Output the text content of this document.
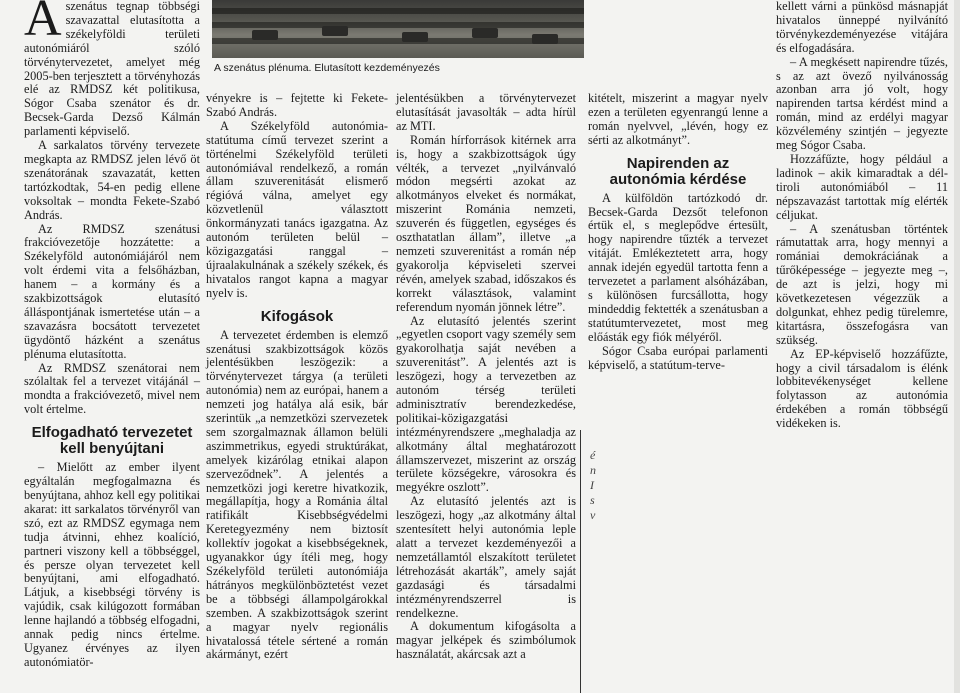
A szenátus plénuma. Elutasított kezdeményezés
A szenátus tegnap többségi szavazattal elutasította a székelyföldi területi autonómiáról szóló törvénytervezetet, amelyet még 2005-ben terjesztett a törvényhozás elé az RMDSZ két politikusa, Sógor Csaba szenátor és dr. Becsek-Garda Dezső Kálmán parlamenti képviselő.

A sarkalatos törvény tervezete megkapta az RMDSZ jelen lévő öt szenátorának szavazatát, ketten tartózkodtak, 54-en pedig ellene voksoltak – mondta Fekete-Szabó András.

Az RMDSZ szenátusi frakcióvezetője hozzátette: a Székelyföld autonómiájáról nem volt érdemi vita a felsőházban, hanem – a kormány és a szakbizottságok elutasító álláspontjának ismertetése után – a szavazásra bocsátott tervezetet ügydöntő házként a szenátus plénuma elutasította.

Az RMDSZ szenátorai nem szólaltak fel a tervezet vitájánál – mondta a frakcióvezető, mivel nem volt értelme.

Elfogadható tervezetet kell benyújtani

– Mielőtt az ember ilyent egyáltalán megfogalmazna és benyújtana, ahhoz kell egy politikai akarat: itt sarkalatos törvényről van szó, ezt az RMDSZ egymaga nem tudja átvinni, ehhez koalíció, partneri viszony kell a többséggel, és persze olyan tervezetet kell benyújtani, ami elfogadható. Látjuk, a kisebbségi törvény is vajúdik, csak kilúgozott formában lenne hajlandó a többség elfogadni, annak pedig nincs értelme. Ugyanez érvényes az ilyen autonómiatör-

vényekre is – fejtette ki Fekete-Szabó András.

A Székelyföld autonómia-statútuma című tervezet szerint a történelmi Székelyföld területi autonómiával rendelkező, a román állam szuverenitását elismerő régióvá válna, amelyet egy közvetlenül választott önkormányzati tanács igazgatna. Az autonóm területen belül – közigazgatási ranggal – újraalakulnának a székely székek, és hivatalos rangot kapna a magyar nyelv is.

Kifogások

A tervezetet érdemben is elemző szenátusi szakbizottságok közös jelentésükben leszögezik: a törvénytervezet tárgya (a területi autonómia) nem az európai, hanem a nemzeti jog hatálya alá esik, bár szerintük „a nemzetközi szervezetek sem szorgalmaznak államon belüli aszimmetrikus, egyedi struktúrákat, amelyek kizárólag etnikai alapon szerveződnek”. A jelentés a nemzetközi jogi keretre hivatkozik, megállapítja, hogy a Románia által ratifikált Kisebbségvédelmi Keretegyezmény nem biztosít kollektív jogokat a kisebbségeknek, ugyanakkor úgy ítéli meg, hogy Székelyföld területi autonómiája hátrányos megkülönböztetést vezet be a többségi állampolgárokkal szemben. A szakbizottságok szerint a magyar nyelv regionális hivatalossá tétele sértené a román akármányt, ezért

jelentésükben a törvénytervezet elutasítását javasolták – adta hírül az MTI.

Román hírforrások kitérnek arra is, hogy a szakbizottságok úgy vélték, a tervezet „nyilvánvaló módon megsérti azokat az alkotmányos elveket és normákat, miszerint Románia nemzeti, szuverén és független, egységes és oszthatatlan állam”, illetve „a nemzeti szuverenitást a román nép gyakorolja képviseleti szervei révén, amelyek szabad, időszakos és korrekt választások, valamint referendum nyomán jönnek létre”.

Az elutasító jelentés szerint „egyetlen csoport vagy személy sem gyakorolhatja saját nevében a szuverenitást”. A jelentés azt is leszögezi, hogy a tervezetben az autonóm térség területi adminisztratív berendezkedése, politikai-közigazgatási intézményrendszere „meghaladja az alkotmány által meghatározott államszervezet, miszerint az ország területe községekre, városokra és megyékre oszlott”.

Az elutasító jelentés azt is leszögezi, hogy „az alkotmány által szentesített helyi autonómia leple alatt a tervezet kezdeményezői a nemzetállamtól elszakított területet létrehozását akarták”, amely saját gazdasági és társadalmi intézményrendszerrel is rendelkezne.

A dokumentum kifogásolta a magyar jelképek és szimbólumok használatát, akárcsak azt a

kitételt, miszerint a magyar nyelv ezen a területen egyenrangú lenne a román nyelvvel, „lévén, hogy ez sérti az alkotmányt”.

Napirenden az autonómia kérdése

A külföldön tartózkodó dr. Becsek-Garda Dezsőt telefonon értük el, s meglepődve értesült, hogy napirendre tűzték a tervezet vitáját. Emlékeztetett arra, hogy annak idején egyedül tartotta fenn a tervezetet a parlament alsóházában, s különösen furcsállotta, hogy mindeddig fektették a szenátusban a statútumtervezetet, most meg előásták egy fiók mélyéről.

Sógor Csaba európai parlamenti képviselő, a statútum-terve-

é
n
I
s
v

kellett várni a pünkösd másnapját hivatalos ünneppé nyilvánító törvénykezdeményezése vitájára és elfogadására.

– A megkésett napirendre tűzés, s az azt övező nyilvánosság azonban arra jó volt, hogy napirenden tartsa kérdést mind a román, mind az erdélyi magyar közvélemény szintjén – jegyezte meg Sógor Csaba.

Hozzáfűzte, hogy például a ladinok – akik kimaradtak a dél-tiroli autonómiából – 11 népszavazást tartottak míg elérték céljukat.

– A szenátusban történtek rámutattak arra, hogy mennyi a romániai demokráciának a tűrőképessége – jegyezte meg –, de azt is jelzi, hogy mi következetesen végezzük a dolgunkat, ehhez pedig türelemre, kitartásra, összefogásra van szükség.

Az EP-képviselő hozzáfűzte, hogy a civil társadalom is élénk lobbitevékenységet kellene folytasson az autonómia érdekében a román többségű vidékeken is.
